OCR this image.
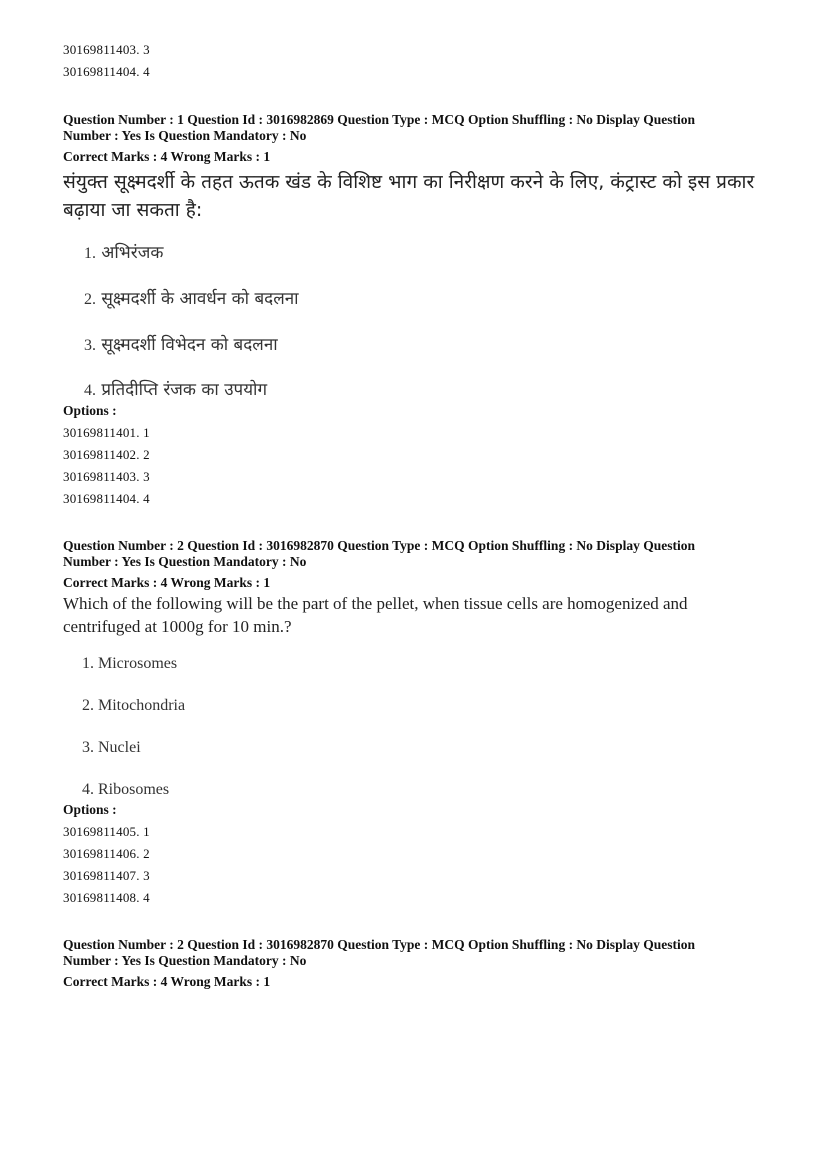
30169811403. 3
30169811404. 4
Question Number : 1 Question Id : 3016982869 Question Type : MCQ Option Shuffling : No Display Question
Number : Yes Is Question Mandatory : No
Correct Marks : 4 Wrong Marks : 1
संयुक्त सूक्ष्मदर्शी के तहत ऊतक खंड के विशिष्ट भाग का निरीक्षण करने के लिए, कंट्रास्ट को इस प्रकार
बढ़ाया जा सकता है:
1. अभिरंजक
2. सूक्ष्मदर्शी के आवर्धन को बदलना
3. सूक्ष्मदर्शी विभेदन को बदलना
4. प्रतिदीप्ति रंजक का उपयोग
Options :
30169811401. 1
30169811402. 2
30169811403. 3
30169811404. 4
Question Number : 2 Question Id : 3016982870 Question Type : MCQ Option Shuffling : No Display Question
Number : Yes Is Question Mandatory : No
Correct Marks : 4 Wrong Marks : 1
Which of the following will be the part of the pellet, when tissue cells are homogenized and
centrifuged at 1000g for 10 min.?
1. Microsomes
2. Mitochondria
3. Nuclei
4. Ribosomes
Options :
30169811405. 1
30169811406. 2
30169811407. 3
30169811408. 4
Question Number : 2 Question Id : 3016982870 Question Type : MCQ Option Shuffling : No Display Question
Number : Yes Is Question Mandatory : No
Correct Marks : 4 Wrong Marks : 1
